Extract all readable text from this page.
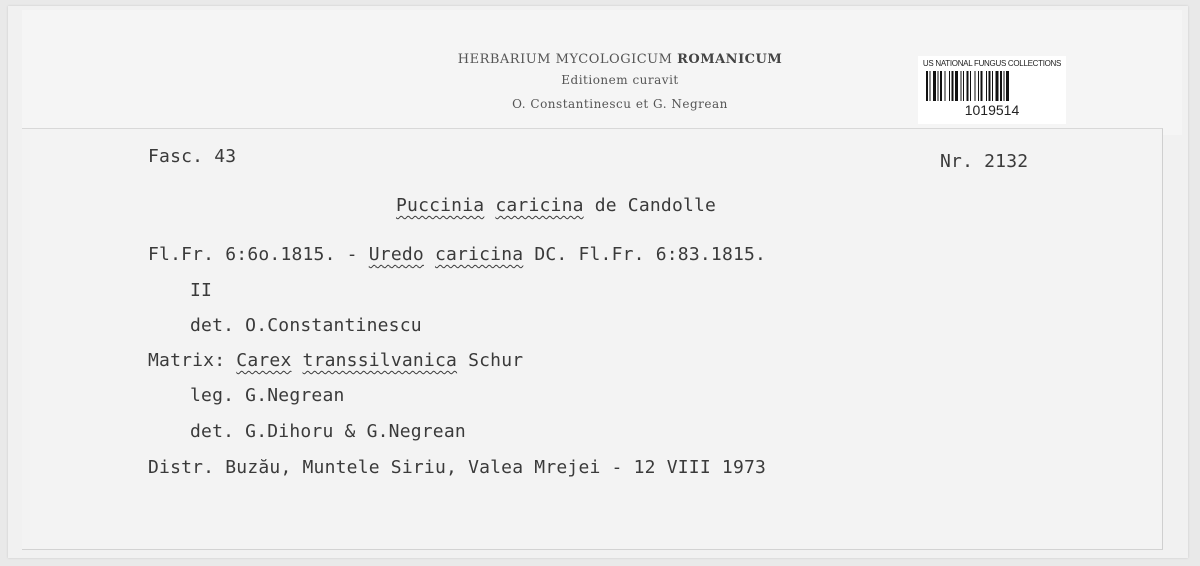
HERBARIUM MYCOLOGICUM ROMANICUM
Editionem curavit
O. Constantinescu et G. Negrean
US NATIONAL FUNGUS COLLECTIONS
1019514
Fasc. 43	Nr. 2132
Puccinia caricina de Candolle
Fl.Fr. 6:6o.1815. - Uredo caricina DC. Fl.Fr. 6:83.1815.
II
det. O.Constantinescu
Matrix: Carex transsilvanica Schur
leg. G.Negrean
det. G.Dihoru & G.Negrean
Distr. Buzău, Muntele Siriu, Valea Mrejei - 12 VIII 1973
